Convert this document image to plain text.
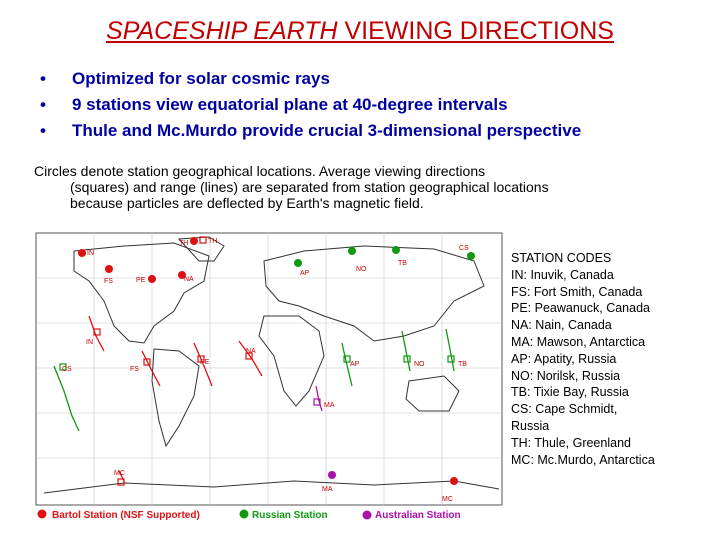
SPACESHIP EARTH VIEWING DIRECTIONS
• Optimized for solar cosmic rays
• 9 stations view equatorial plane at 40-degree intervals
• Thule and Mc.Murdo provide crucial 3-dimensional perspective
Circles denote station geographical locations. Average viewing directions
(squares) and range (lines) are separated from station geographical locations
because particles are deflected by Earth's magnetic field.
IN
FS	PE	NA
TH	TH
AP
NO
TB
CS
IN
FS
PE
NA
AP	NO	TB
CS
MA
MA
MC
MC
Bartol Station (NSF Supported)	Russian Station	Australian Station
STATION CODES
IN: Inuvik, Canada
FS: Fort Smith, Canada
PE: Peawanuck, Canada
NA: Nain, Canada
MA: Mawson, Antarctica
AP: Apatity, Russia
NO: Norilsk, Russia
TB: Tixie Bay, Russia
CS: Cape Schmidt,
Russia
TH: Thule, Greenland
MC: Mc.Murdo, Antarctica
